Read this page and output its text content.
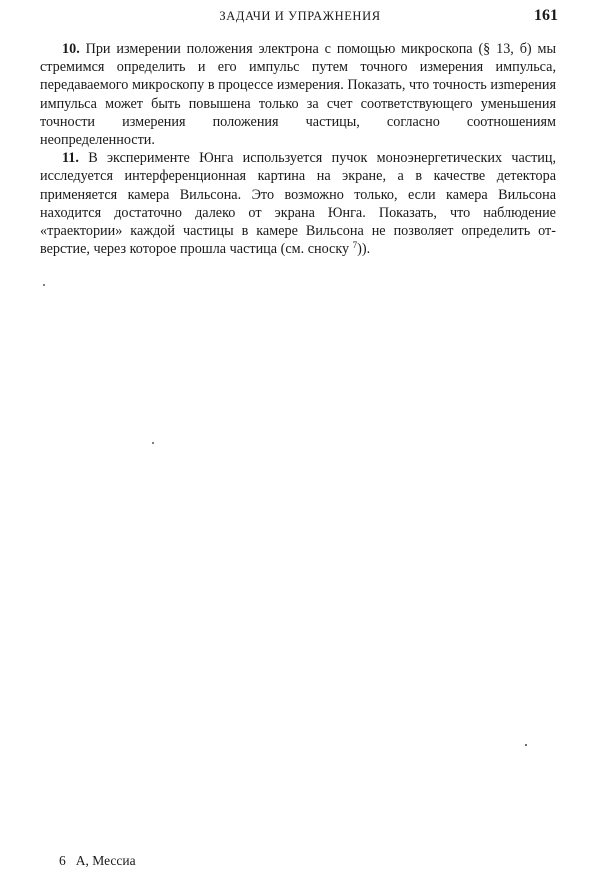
ЗАДАЧИ И УПРАЖНЕНИЯ	161

10. При измерении положения электрона с помощью микроскопа (§ 13, б) мы стремимся определить и его импульс путем точного измерения импульса, передаваемого микроскопу в процессе измерения. Показать, что точность изmерения импульса может быть повышена только за счет соответствующего уменьшения точности измерения положения частицы, согласно соотношениям неопределенности.

11. В эксперименте Юнга используется пучок моноэнергетических частиц, исследуется интерференционная картина на экране, а в качестве детектора применяется камера Вильсона. Это возможно только, если камера Вильсона находится достаточно далеко от экрана Юнга. Показать, что наблюдение «траектории» каждой частицы в камере Вильсона не позволяет определить отверстие, через которое прошла частица (см. сноску $^7$)).

6 А, Мессиа
